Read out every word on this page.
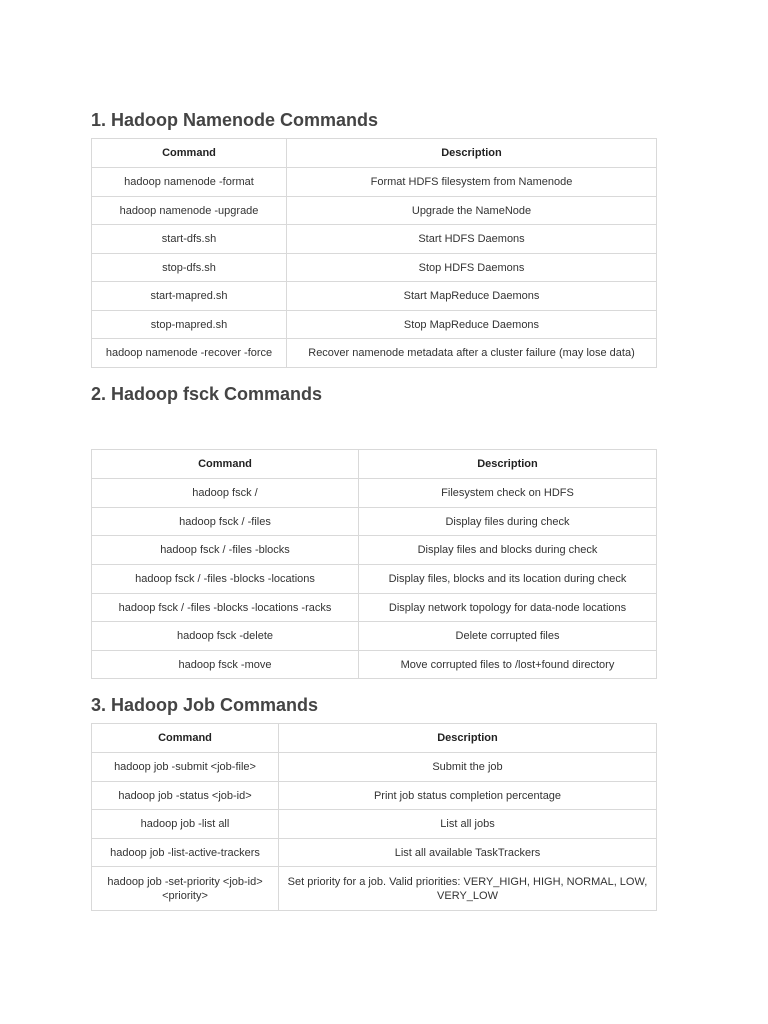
1. Hadoop Namenode Commands
Command	Description
hadoop namenode -format	Format HDFS filesystem from Namenode
hadoop namenode -upgrade	Upgrade the NameNode
start-dfs.sh	Start HDFS Daemons
stop-dfs.sh	Stop HDFS Daemons
start-mapred.sh	Start MapReduce Daemons
stop-mapred.sh	Stop MapReduce Daemons
hadoop namenode -recover -force	Recover namenode metadata after a cluster failure (may lose data)
2. Hadoop fsck Commands
Command	Description
hadoop fsck /	Filesystem check on HDFS
hadoop fsck / -files	Display files during check
hadoop fsck / -files -blocks	Display files and blocks during check
hadoop fsck / -files -blocks -locations	Display files, blocks and its location during check
hadoop fsck / -files -blocks -locations -racks	Display network topology for data-node locations
hadoop fsck -delete	Delete corrupted files
hadoop fsck -move	Move corrupted files to /lost+found directory
3. Hadoop Job Commands
Command	Description
hadoop job -submit <job-file>	Submit the job
hadoop job -status <job-id>	Print job status completion percentage
hadoop job -list all	List all jobs
hadoop job -list-active-trackers	List all available TaskTrackers
hadoop job -set-priority <job-id> <priority>	Set priority for a job. Valid priorities: VERY_HIGH, HIGH, NORMAL, LOW, VERY_LOW
